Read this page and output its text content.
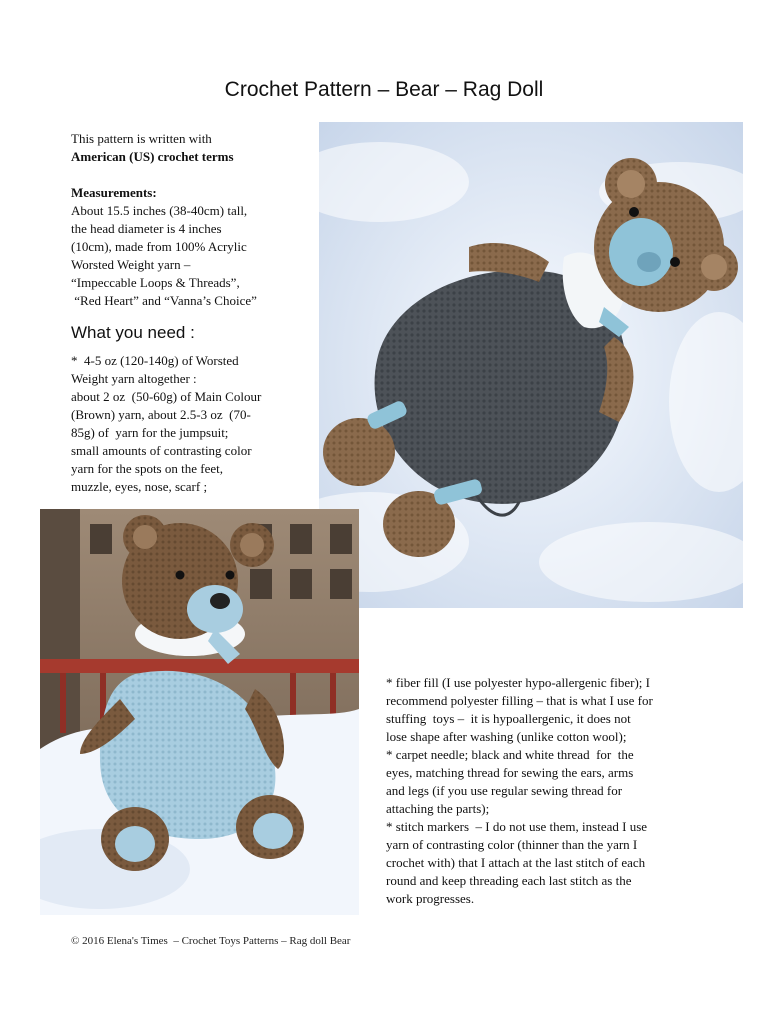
Crochet Pattern – Bear – Rag Doll

This pattern is written with

American (US) crochet terms

Measurements:

About 15.5 inches (38-40cm) tall,

the head diameter is 4 inches

(10cm), made from 100% Acrylic

Worsted Weight yarn –

“Impeccable Loops & Threads”,

“Red Heart” and “Vanna’s Choice”

What you need :

*  4-5 oz (120-140g) of Worsted

Weight yarn altogether :

about 2 oz  (50-60g) of Main Colour

(Brown) yarn, about 2.5-3 oz  (70-

85g) of  yarn for the jumpsuit;

small amounts of contrasting color

yarn for the spots on the feet,

muzzle, eyes, nose, scarf ;

* fiber fill (I use polyester hypo-allergenic fiber); I

recommend polyester filling – that is what I use for

stuffing  toys –  it is hypoallergenic, it does not

lose shape after washing (unlike cotton wool);

* carpet needle; black and white thread  for  the

eyes, matching thread for sewing the ears, arms

and legs (if you use regular sewing thread for

attaching the parts);

* stitch markers  – I do not use them, instead I use

yarn of contrasting color (thinner than the yarn I

crochet with) that I attach at the last stitch of each

round and keep threading each last stitch as the

work progresses.

© 2016 Elena's Times  – Crochet Toys Patterns – Rag doll Bear
